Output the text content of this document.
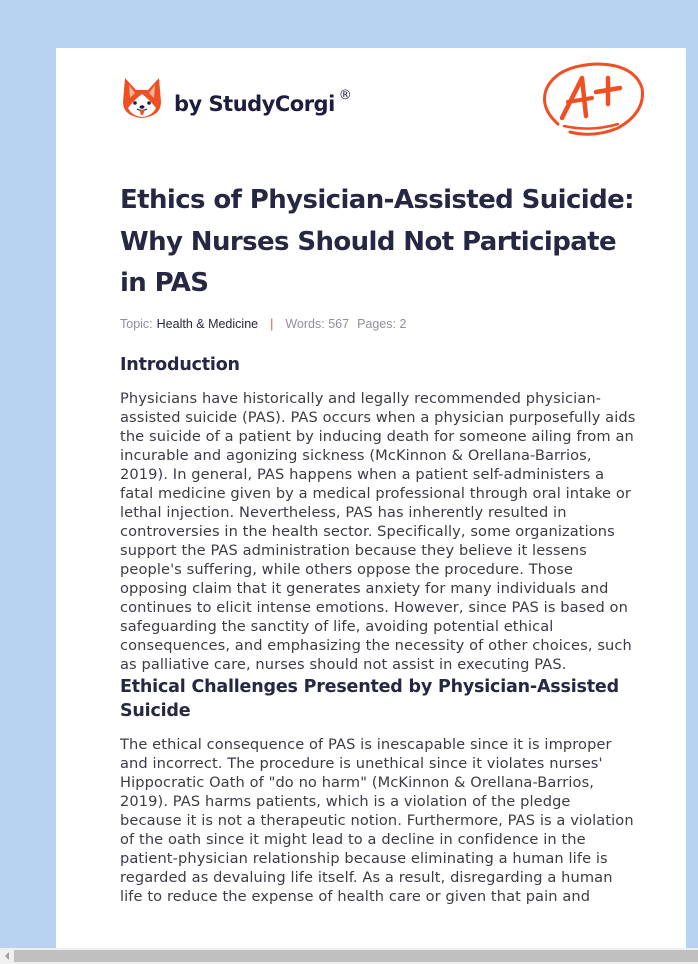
by StudyCorgi ®
Ethics of Physician-Assisted Suicide: Why Nurses Should Not Participate in PAS
Topic: Health & Medicine | Words: 567 Pages: 2
Introduction

Physicians have historically and legally recommended physician-assisted suicide (PAS). PAS occurs when a physician purposefully aids the suicide of a patient by inducing death for someone ailing from an incurable and agonizing sickness (McKinnon & Orellana-Barrios, 2019). In general, PAS happens when a patient self-administers a fatal medicine given by a medical professional through oral intake or lethal injection. Nevertheless, PAS has inherently resulted in controversies in the health sector. Specifically, some organizations support the PAS administration because they believe it lessens people's suffering, while others oppose the procedure. Those opposing claim that it generates anxiety for many individuals and continues to elicit intense emotions. However, since PAS is based on safeguarding the sanctity of life, avoiding potential ethical consequences, and emphasizing the necessity of other choices, such as palliative care, nurses should not assist in executing PAS.

Ethical Challenges Presented by Physician-Assisted Suicide

The ethical consequence of PAS is inescapable since it is improper and incorrect. The procedure is unethical since it violates nurses' Hippocratic Oath of "do no harm" (McKinnon & Orellana-Barrios, 2019). PAS harms patients, which is a violation of the pledge because it is not a therapeutic notion. Furthermore, PAS is a violation of the oath since it might lead to a decline in confidence in the patient-physician relationship because eliminating a human life is regarded as devaluing life itself. As a result, disregarding a human life to reduce the expense of health care or given that pain and
